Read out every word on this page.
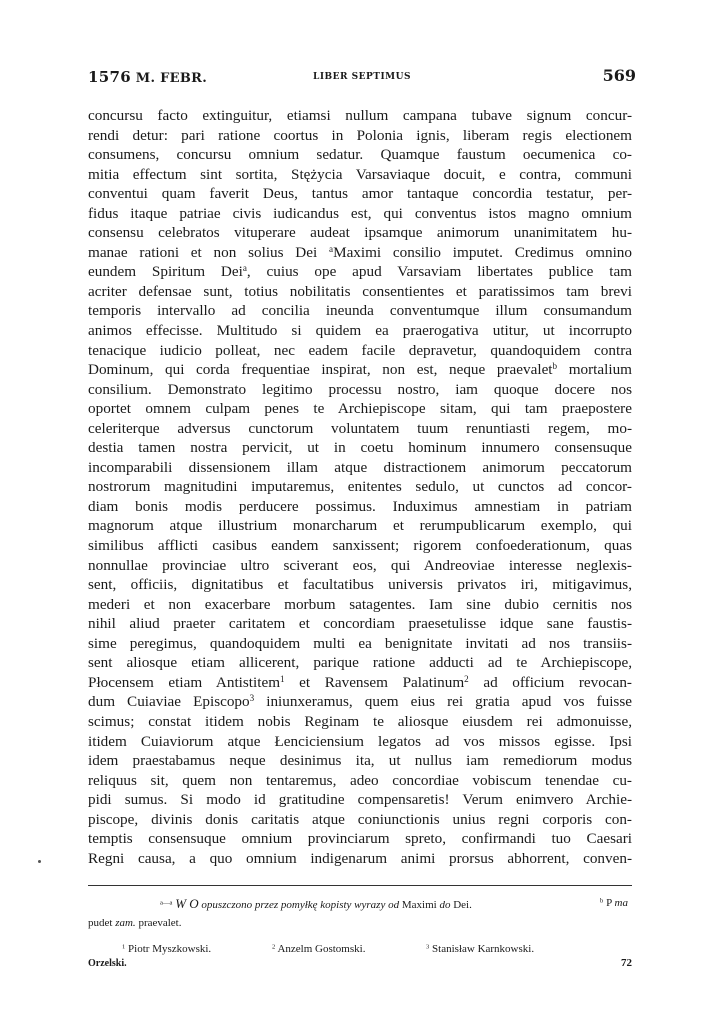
1576 M. FEBR.	LIBER SEPTIMUS	569
concursu facto extinguitur, etiamsi nullum campana tubave signum concur-
rendi detur: pari ratione coortus in Polonia ignis, liberam regis electionem
consumens, concursu omnium sedatur. Quamque faustum oecumenica co-
mitia effectum sint sortita, Stężycia Varsaviaque docuit, e contra, communi
conventui quam faverit Deus, tantus amor tantaque concordia testatur, per-
fidus itaque patriae civis iudicandus est, qui conventus istos magno omnium
consensu celebratos vituperare audeat ipsamque animorum unanimitatem hu-
manae rationi et non solius Dei $^a$Maximi consilio imputet. Credimus omnino
eundem Spiritum Dei$^a$, cuius ope apud Varsaviam libertates publice tam
acriter defensae sunt, totius nobilitatis consentientes et paratissimos tam brevi
temporis intervallo ad concilia ineunda conventumque illum consumandum
animos effecisse. Multitudo si quidem ea praerogativa utitur, ut incorrupto
tenacique iudicio polleat, nec eadem facile depravetur, quandoquidem contra
Dominum, qui corda frequentiae inspirat, non est, neque praevalet$^b$ mortalium
consilium. Demonstrato legitimo processu nostro, iam quoque docere nos
oportet omnem culpam penes te Archiepiscope sitam, qui tam praepostere
celeriterque adversus cunctorum voluntatem tuum renuntiasti regem, mo-
destia tamen nostra pervicit, ut in coetu hominum innumero consensuque
incomparabili dissensionem illam atque distractionem animorum peccatorum
nostrorum magnitudini imputaremus, enitentes sedulo, ut cunctos ad concor-
diam bonis modis perducere possimus. Induximus amnestiam in patriam
magnorum atque illustrium monarcharum et rerumpublicarum exemplo, qui
similibus afflicti casibus eandem sanxissent; rigorem confoederationum, quas
nonnullae provinciae ultro sciverant eos, qui Andreoviae interesse neglexis-
sent, officiis, dignitatibus et facultatibus universis privatos iri, mitigavimus,
mederi et non exacerbare morbum satagentes. Iam sine dubio cernitis nos
nihil aliud praeter caritatem et concordiam praesetulisse idque sane faustis-
sime peregimus, quandoquidem multi ea benignitate invitati ad nos transiis-
sent aliosque etiam allicerent, parique ratione adducti ad te Archiepiscope,
Płocensem etiam Antistitem$^1$ et Ravensem Palatinum$^2$ ad officium revocan-
dum Cuiaviae Episcopo$^3$ iniunxeramus, quem eius rei gratia apud vos fuisse
scimus; constat itidem nobis Reginam te aliosque eiusdem rei admonuisse,
itidem Cuiaviorum atque Łenciciensium legatos ad vos missos egisse. Ipsi
idem praestabamus neque desinimus ita, ut nullus iam remediorum modus
reliquus sit, quem non tentaremus, adeo concordiae vobiscum tenendae cu-
pidi sumus. Si modo id gratitudine compensaretis! Verum enimvero Archie-
piscope, divinis donis caritatis atque coniunctionis unius regni corporis con-
temptis consensuque omnium provinciarum spreto, confirmandi tuo Caesari
Regni causa, a quo omnium indigenarum animi prorsus abhorrent, conven-
$^{a—a}$ W O opuszczono przez pomyłkę kopisty wyrazy od Maximi do Dei.	$^b$ P ma
pudet zam. praevalet.
$^1$ Piotr Myszkowski.	$^2$ Anzelm Gostomski.	$^3$ Stanisław Karnkowski.
Orzelski.	72
